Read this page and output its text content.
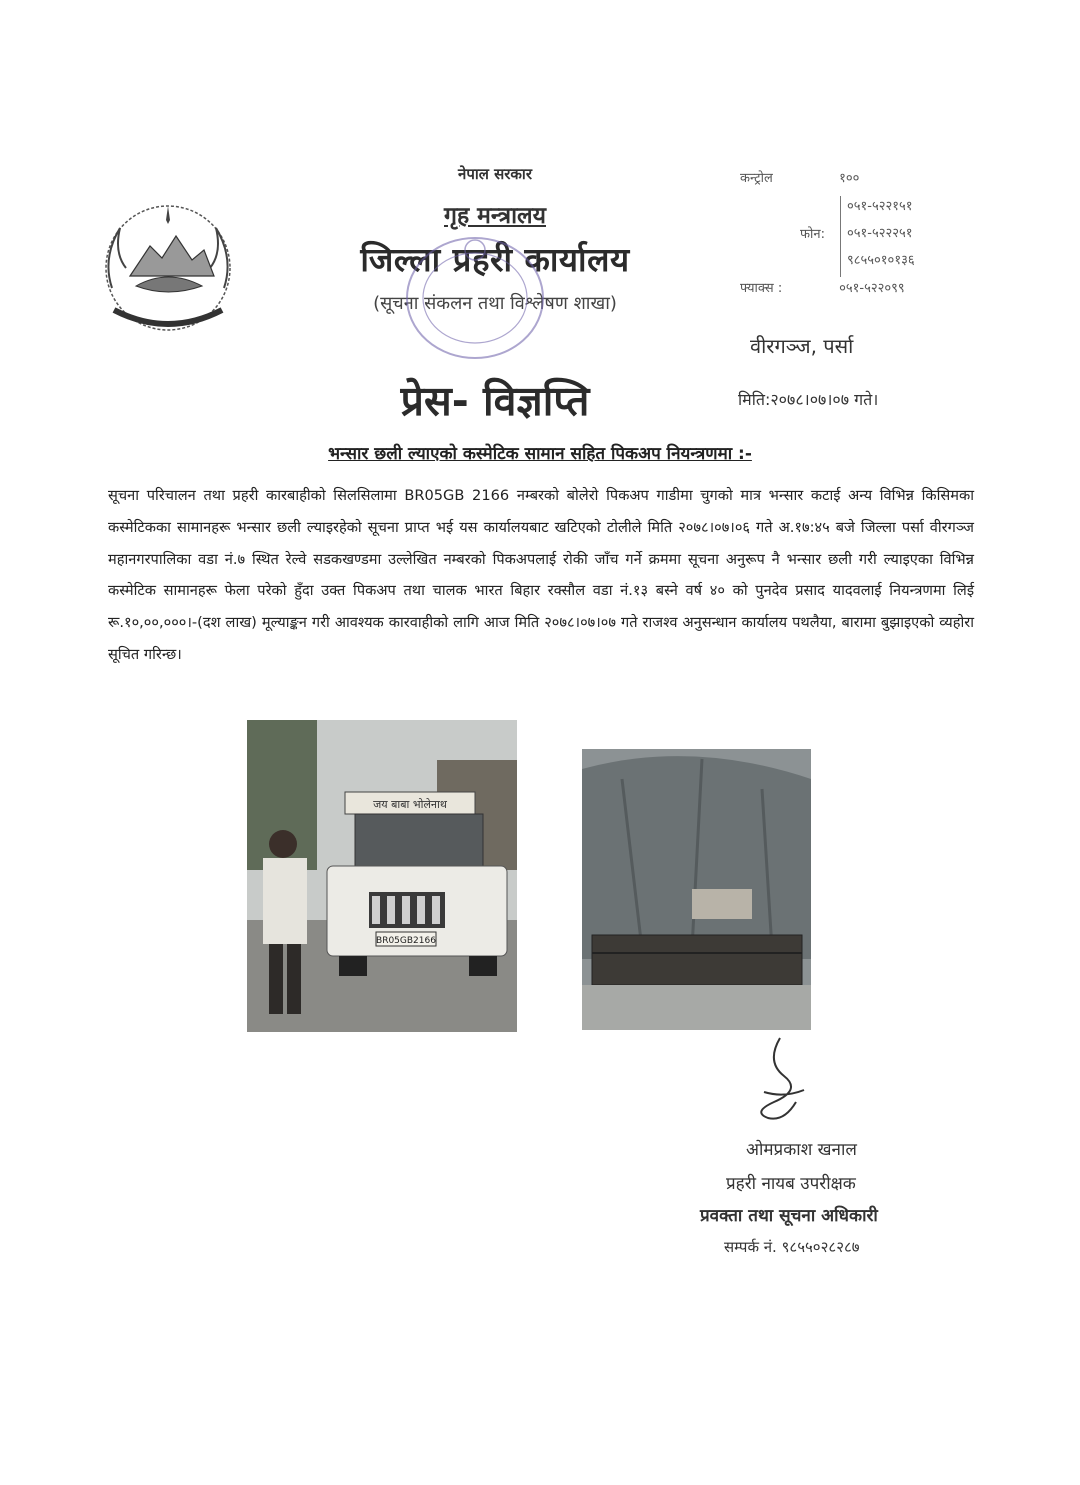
नेपाल सरकार
गृह मन्त्रालय
जिल्ला प्रहरी कार्यालय
(सूचना संकलन तथा विश्लेषण शाखा)
प्रेस- विज्ञप्ति
कन्ट्रोल	१००
फोन:
०५१-५२२१५१
०५१-५२२२५१
९८५५०१०१३६
फ्याक्स :	०५१-५२२०९९
वीरगञ्ज, पर्सा
मिति:२०७८।०७।०७ गते।
भन्सार छली ल्याएको कस्मेटिक सामान सहित पिकअप नियन्त्रणमा :-
सूचना परिचालन तथा प्रहरी कारबाहीको सिलसिलामा BR05GB 2166 नम्बरको बोलेरो पिकअप गाडीमा चुगको मात्र भन्सार कटाई अन्य विभिन्न किसिमका कस्मेटिकका सामानहरू भन्सार छली ल्याइरहेको सूचना प्राप्त भई यस कार्यालयबाट खटिएको टोलीले मिति २०७८।०७।०६ गते अ.१७:४५ बजे जिल्ला पर्सा वीरगञ्ज महानगरपालिका वडा नं.७ स्थित रेल्वे सडकखण्डमा उल्लेखित नम्बरको पिकअपलाई रोकी जाँच गर्ने क्रममा सूचना अनुरूप नै भन्सार छली गरी ल्याइएका विभिन्न कस्मेटिक सामानहरू फेला परेको हुँदा उक्त पिकअप तथा चालक भारत बिहार रक्सौल वडा नं.१३ बस्ने वर्ष ४० को पुनदेव प्रसाद यादवलाई नियन्त्रणमा लिई रू.१०,००,०००।-(दश लाख) मूल्याङ्कन गरी आवश्यक कारवाहीको लागि आज मिति २०७८।०७।०७ गते राजश्व अनुसन्धान कार्यालय पथलैया, बारामा बुझाइएको व्यहोरा सूचित गरिन्छ।
जय बाबा भोलेनाथ
BR05GB2166
ओमप्रकाश खनाल
प्रहरी नायब उपरीक्षक
प्रवक्ता तथा सूचना अधिकारी
सम्पर्क नं. ९८५५०२८२८७
